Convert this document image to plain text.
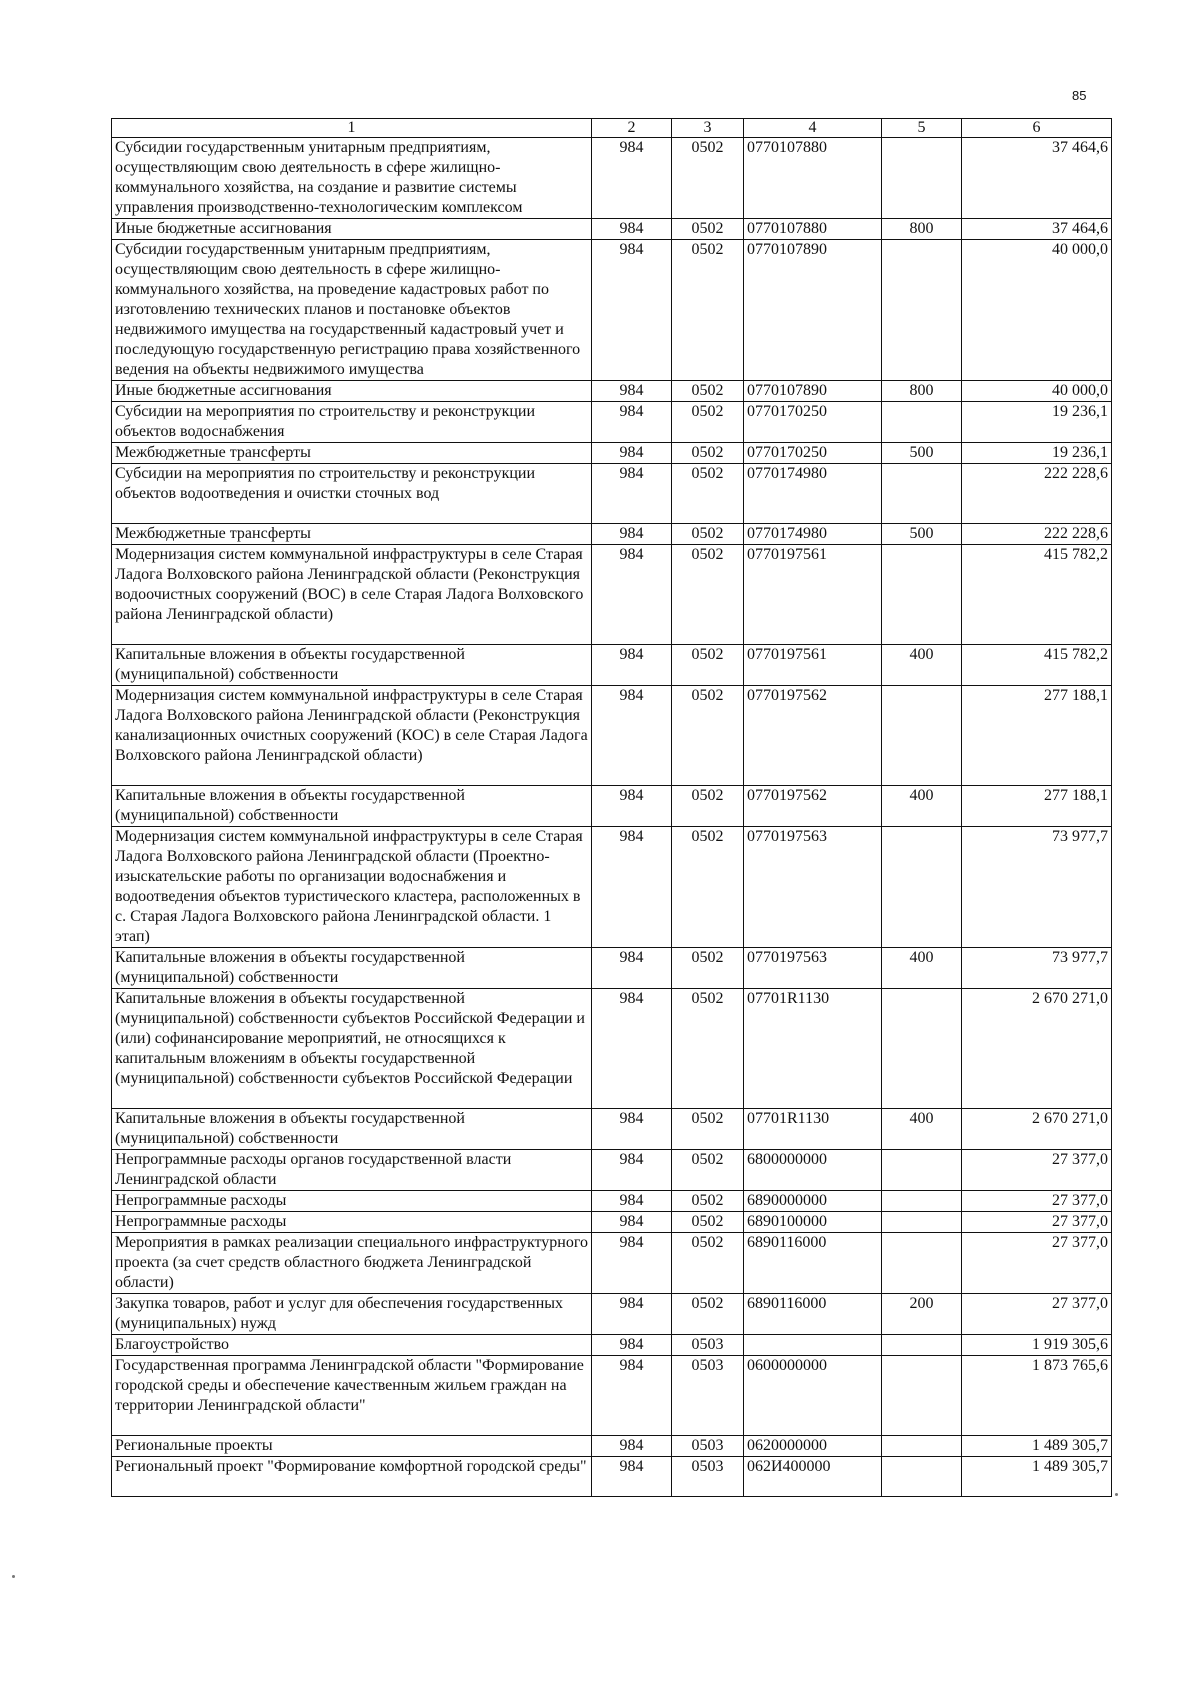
85
1	2	3	4	5	6
Субсидии государственным унитарным предприятиям, осуществляющим свою деятельность в сфере жилищно-коммунального хозяйства, на создание и развитие системы управления производственно-технологическим комплексом	984	0502	0770107880		37 464,6
Иные бюджетные ассигнования	984	0502	0770107880	800	37 464,6
Субсидии государственным унитарным предприятиям, осуществляющим свою деятельность в сфере жилищно-коммунального хозяйства, на проведение кадастровых работ по изготовлению технических планов и постановке объектов недвижимого имущества на государственный кадастровый учет и последующую государственную регистрацию права хозяйственного ведения на объекты недвижимого имущества	984	0502	0770107890		40 000,0
Иные бюджетные ассигнования	984	0502	0770107890	800	40 000,0
Субсидии на мероприятия по строительству и реконструкции объектов водоснабжения	984	0502	0770170250		19 236,1
Межбюджетные трансферты	984	0502	0770170250	500	19 236,1
Субсидии на мероприятия по строительству и реконструкции объектов водоотведения и очистки сточных вод	984	0502	0770174980		222 228,6
Межбюджетные трансферты	984	0502	0770174980	500	222 228,6
Модернизация систем коммунальной инфраструктуры в селе Старая Ладога Волховского района Ленинградской области (Реконструкция водоочистных сооружений (ВОС) в селе Старая Ладога Волховского района Ленинградской области)	984	0502	0770197561		415 782,2
Капитальные вложения в объекты государственной (муниципальной) собственности	984	0502	0770197561	400	415 782,2
Модернизация систем коммунальной инфраструктуры в селе Старая Ладога Волховского района Ленинградской области (Реконструкция канализационных очистных сооружений (КОС) в селе Старая Ладога Волховского района Ленинградской области)	984	0502	0770197562		277 188,1
Капитальные вложения в объекты государственной (муниципальной) собственности	984	0502	0770197562	400	277 188,1
Модернизация систем коммунальной инфраструктуры в селе Старая Ладога Волховского района Ленинградской области (Проектно-изыскательские работы по организации водоснабжения и водоотведения объектов туристического кластера, расположенных в с. Старая Ладога Волховского района Ленинградской области. 1 этап)	984	0502	0770197563		73 977,7
Капитальные вложения в объекты государственной (муниципальной) собственности	984	0502	0770197563	400	73 977,7
Капитальные вложения в объекты государственной (муниципальной) собственности субъектов Российской Федерации и (или) софинансирование мероприятий, не относящихся к капитальным вложениям в объекты государственной (муниципальной) собственности субъектов Российской Федерации	984	0502	07701R1130		2 670 271,0
Капитальные вложения в объекты государственной (муниципальной) собственности	984	0502	07701R1130	400	2 670 271,0
Непрограммные расходы органов государственной власти Ленинградской области	984	0502	6800000000		27 377,0
Непрограммные расходы	984	0502	6890000000		27 377,0
Непрограммные расходы	984	0502	6890100000		27 377,0
Мероприятия в рамках реализации специального инфраструктурного проекта (за счет средств областного бюджета Ленинградской области)	984	0502	6890116000		27 377,0
Закупка товаров, работ и услуг для обеспечения государственных (муниципальных) нужд	984	0502	6890116000	200	27 377,0
Благоустройство	984	0503			1 919 305,6
Государственная программа Ленинградской области "Формирование городской среды и обеспечение качественным жильем граждан на территории Ленинградской области"	984	0503	0600000000		1 873 765,6
Региональные проекты	984	0503	0620000000		1 489 305,7
Региональный проект "Формирование комфортной городской среды"	984	0503	062И400000		1 489 305,7
